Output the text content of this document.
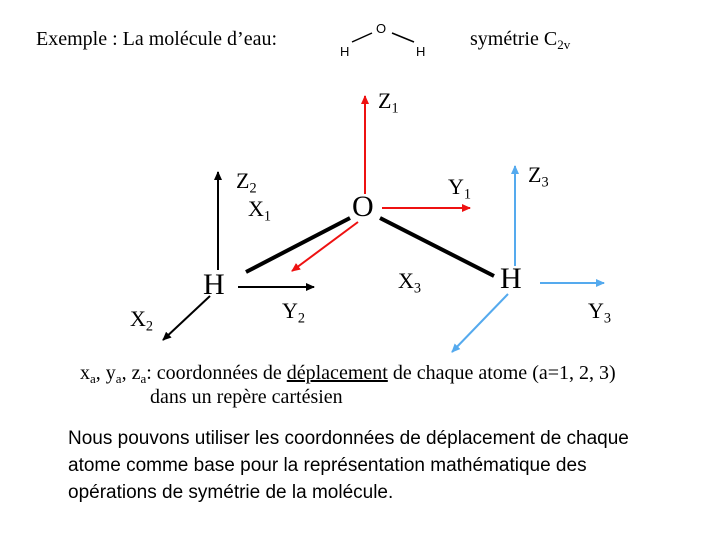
Exemple : La molécule d’eau:	O
H	H
symétrie $C_{2v}$
O
H	H
$Z_1$
$Z_2$
$X_1$
$Y_1$
$Z_3$
$X_2$
$Y_2$
$X_3$
$Y_3$
$x_a$, $y_a$, $z_a$: coordonnées de déplacement de chaque atome (a=1, 2, 3)
dans un repère cartésien
Nous pouvons utiliser les coordonnées de déplacement de chaque
atome comme base pour la représentation mathématique des
opérations de symétrie de la molécule.
